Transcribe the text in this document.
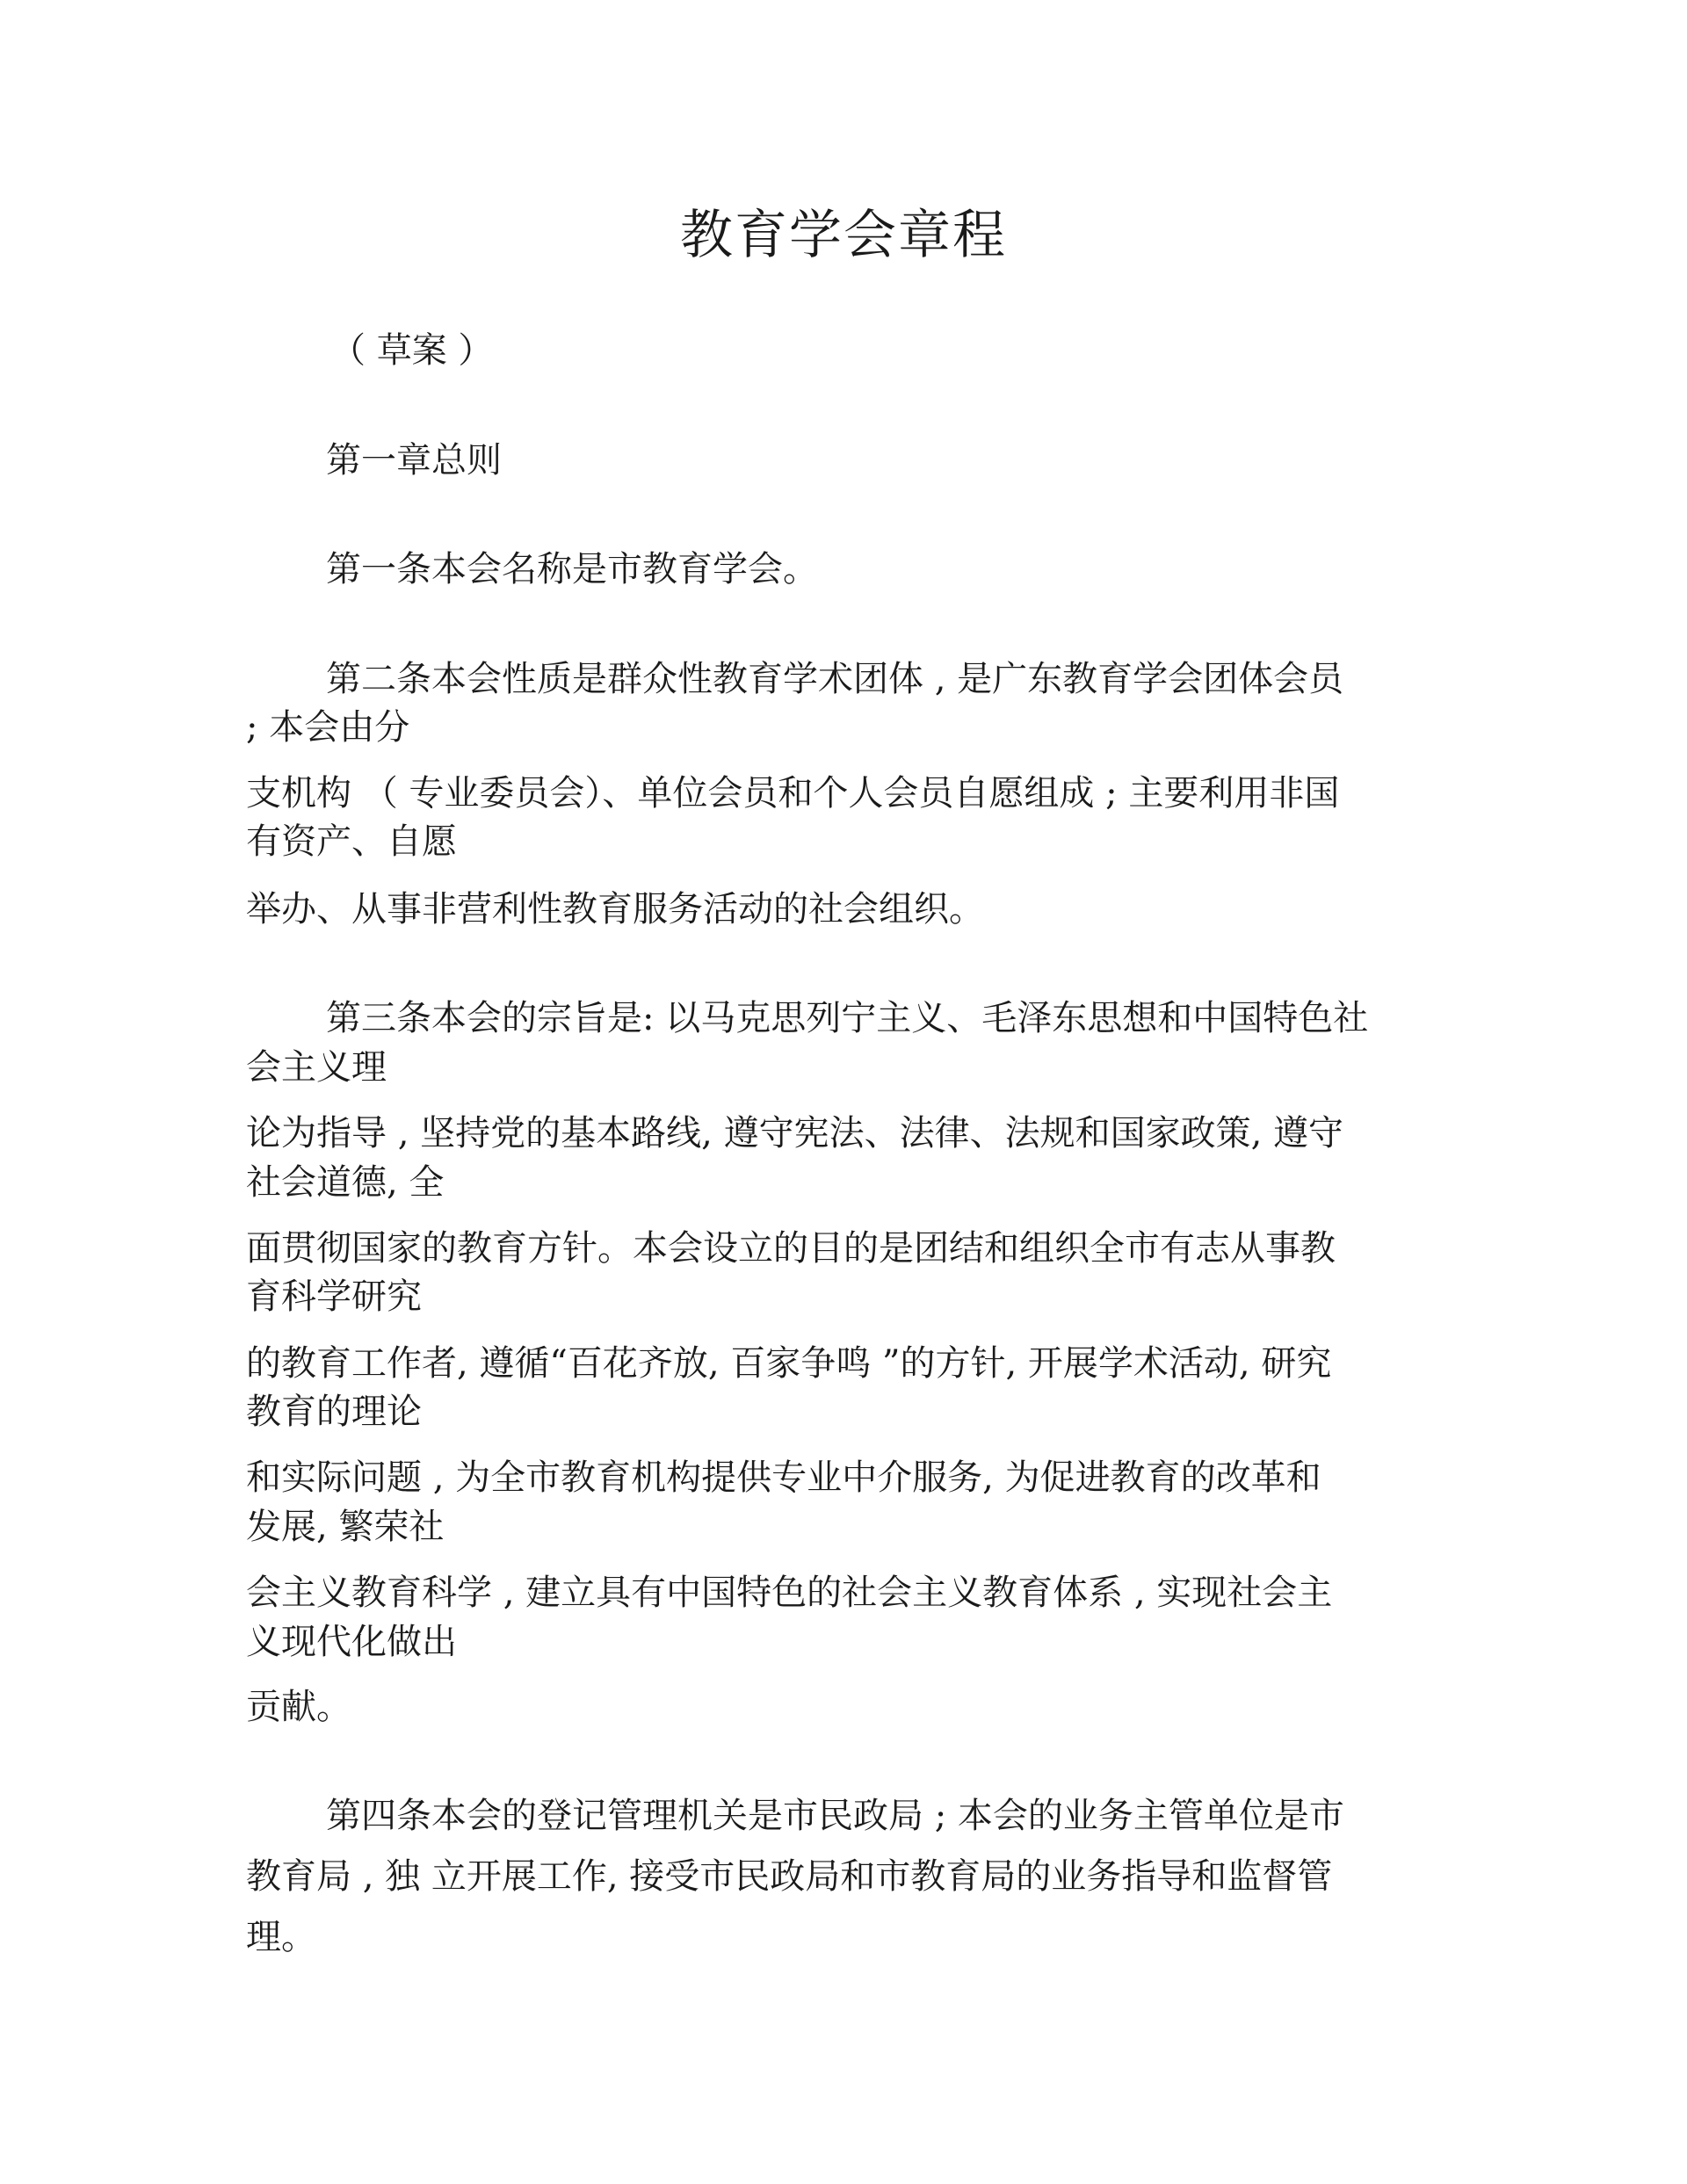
教育学会章程

（ 草案 ）

第一章总则

第一条本会名称是市教育学会。

第二条本会性质是群众性教育学术团体 , 是广东教育学会团体会员

; 本会由分

支机构 （ 专业委员会）、单位会员和个人会员自愿组成 ; 主要利用非国

有资产、自愿

举办、从事非营利性教育服务活动的社会组织。

第三条本会的宗旨是: 以马克思列宁主义、毛泽东思想和中国特色社

会主义理

论为指导 , 坚持党的基本路线, 遵守宪法、法律、法规和国家政策, 遵守

社会道德, 全

面贯彻国家的教育方针。本会设立的目的是团结和组织全市有志从事教

育科学研究

的教育工作者, 遵循“百花齐放, 百家争鸣 ”的方针, 开展学术活动, 研究

教育的理论

和实际问题 , 为全市教育机构提供专业中介服务, 为促进教育的改革和

发展, 繁荣社

会主义教育科学 , 建立具有中国特色的社会主义教育体系 , 实现社会主

义现代化做出

贡献。

第四条本会的登记管理机关是市民政局 ; 本会的业务主管单位是市

教育局 , 独 立开展工作, 接受市民政局和市教育局的业务指导和监督管

理。
